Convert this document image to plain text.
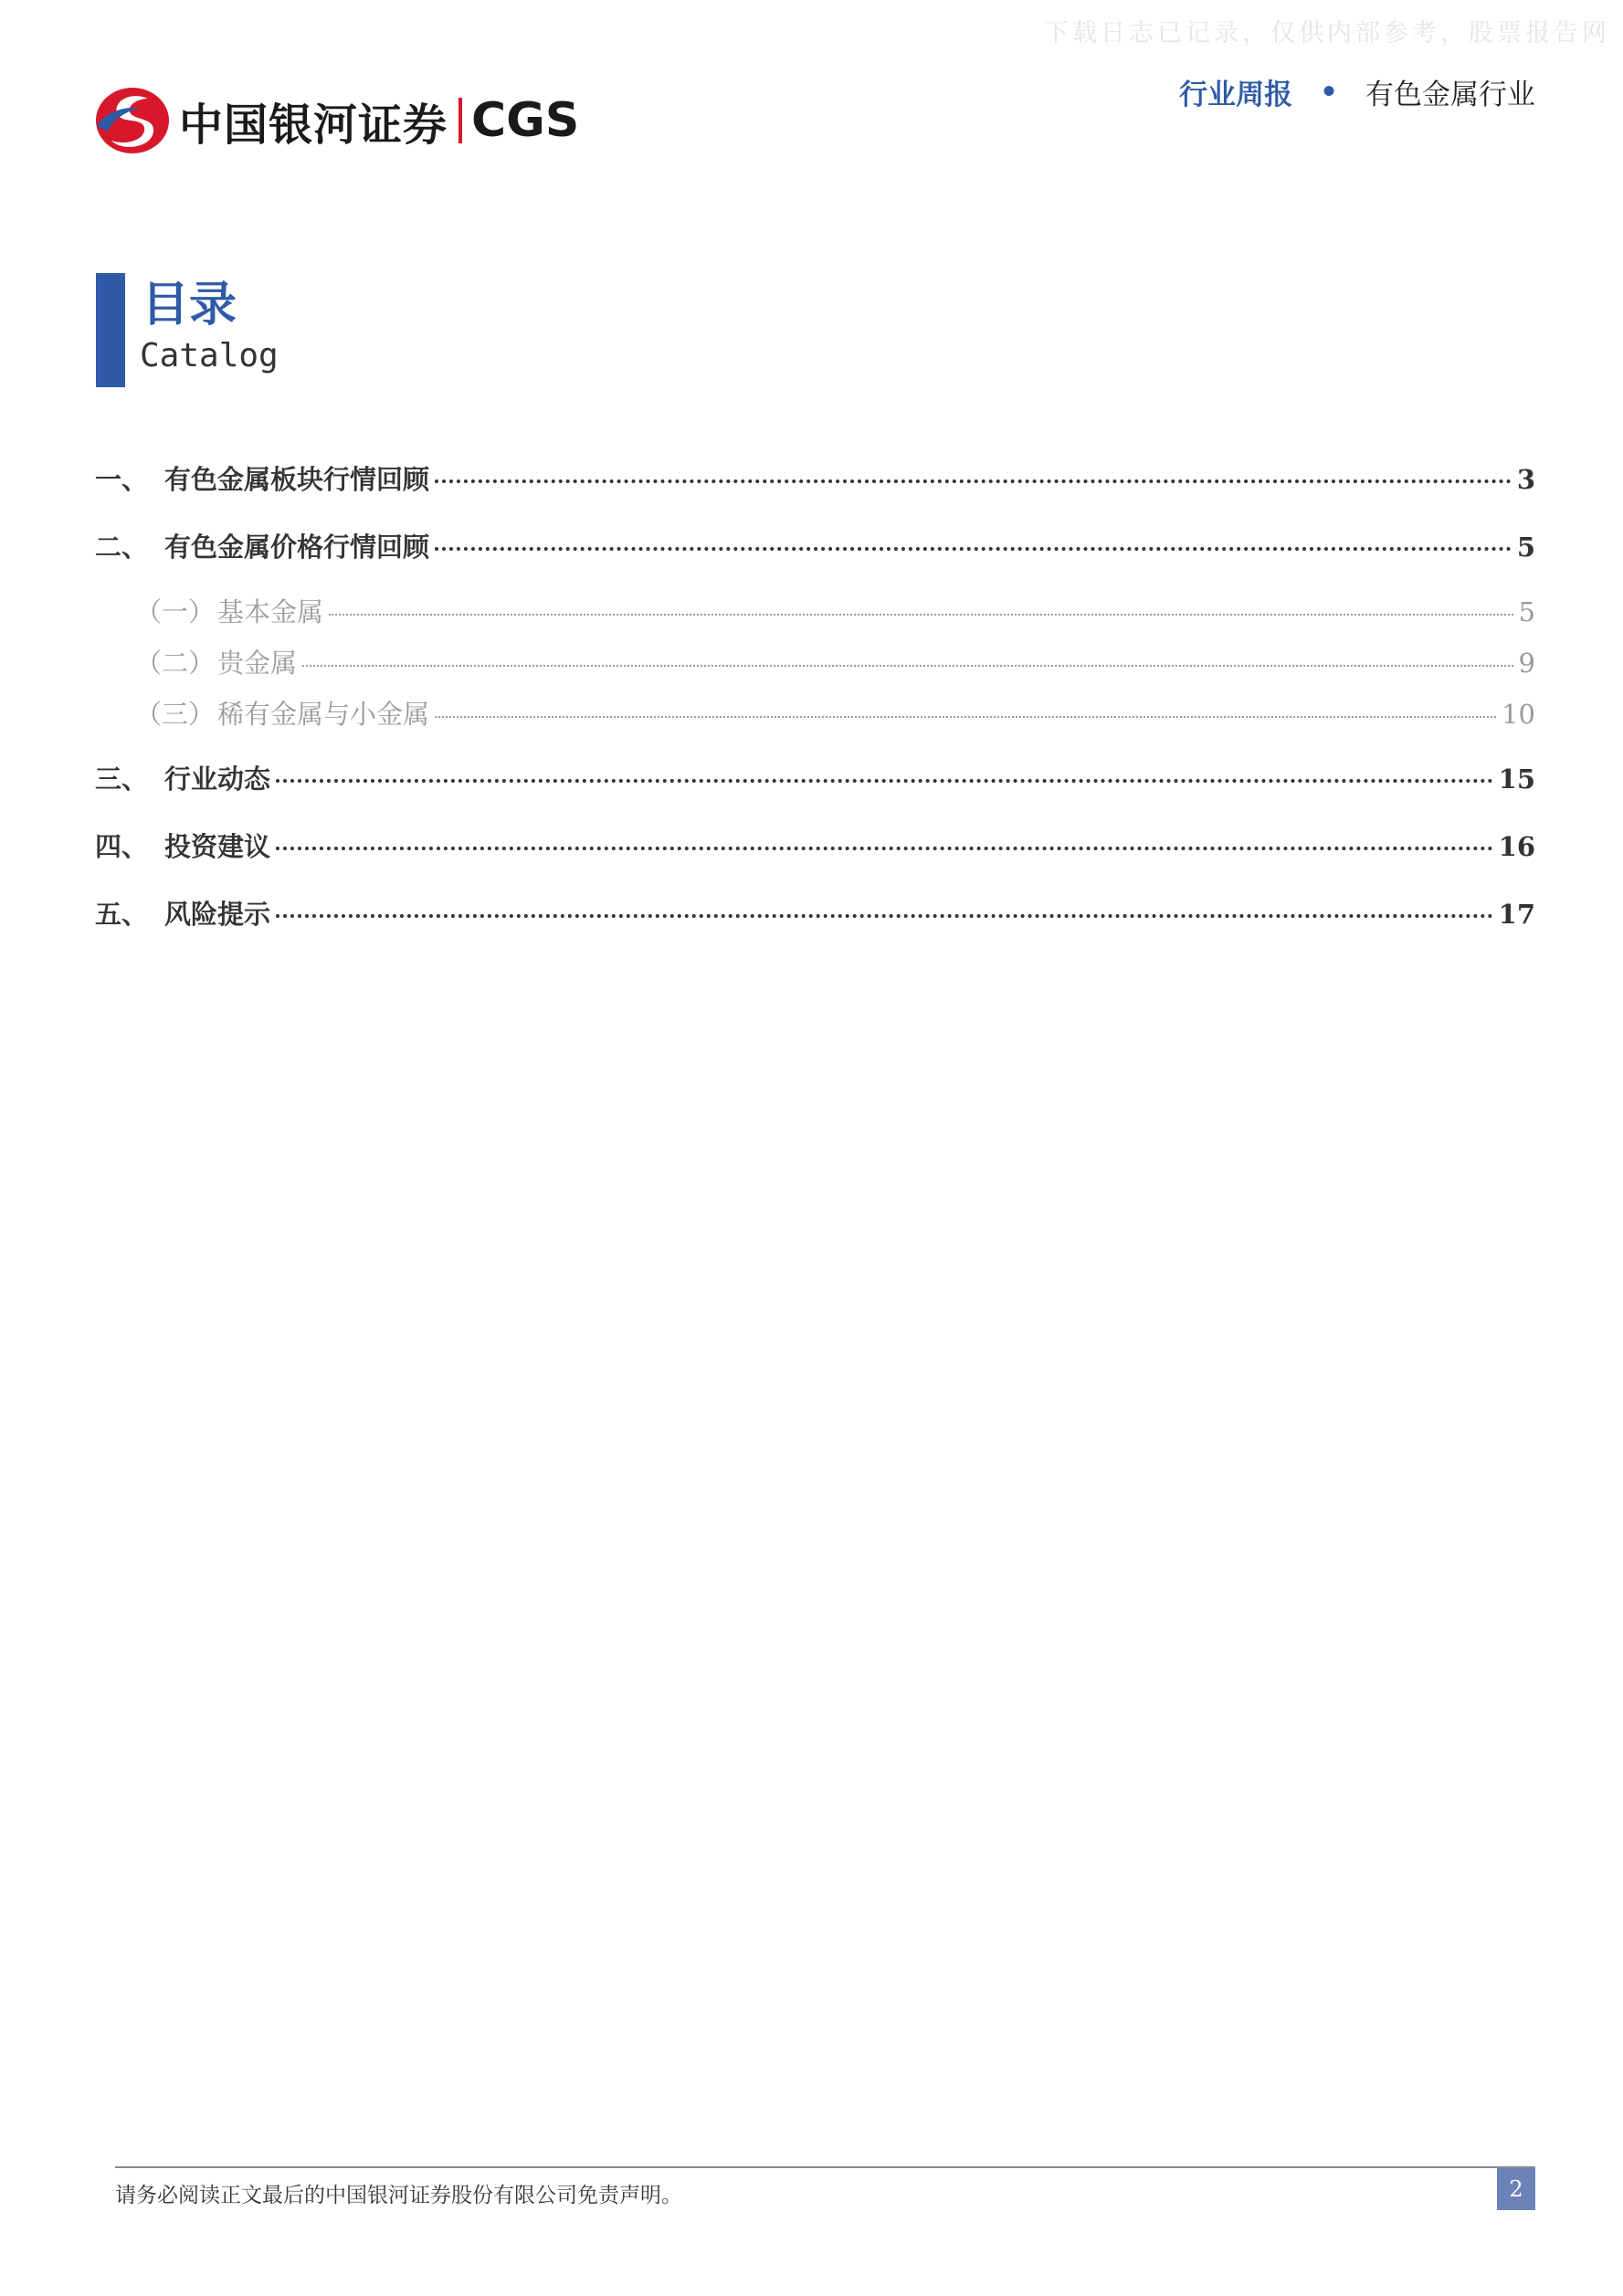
下载日志已记录，仅供内部参考，股票报告网
中国银河证券 CGS	行业周报 • 有色金属行业
目录
Catalog
一、 有色金属板块行情回顾	3
二、 有色金属价格行情回顾	5
（一） 基本金属	5
（二） 贵金属	9
（三） 稀有金属与小金属	10
三、 行业动态	15
四、 投资建议	16
五、 风险提示	17
请务必阅读正文最后的中国银河证券股份有限公司免责声明。	2
